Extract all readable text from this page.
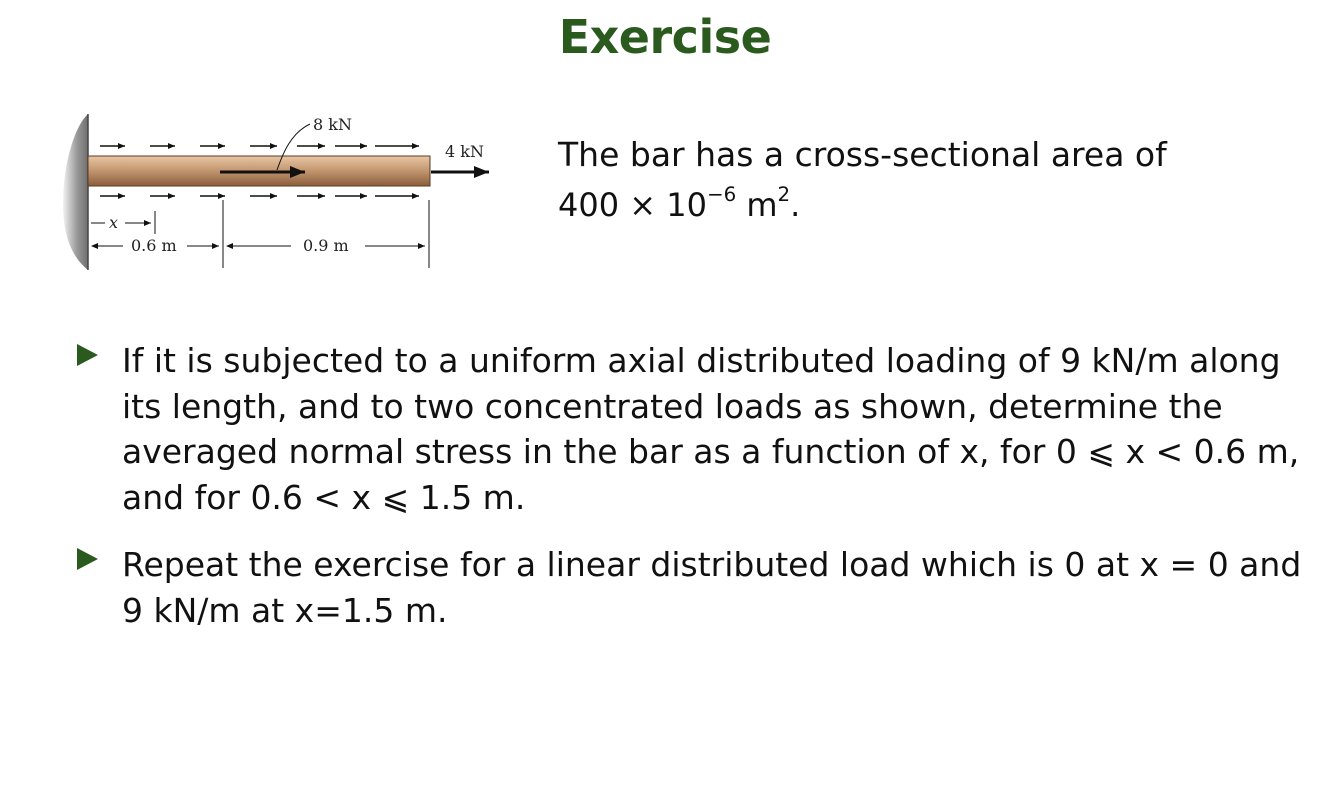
Exercise
8 kN
4 kN
x
0.6 m	0.9 m
The bar has a cross-sectional area of
$400 \times 10^{-6}$ $m^2$.
If it is subjected to a uniform axial distributed loading of 9 kN/m along
its length, and to two concentrated loads as shown, determine the
averaged normal stress in the bar as a function of x, for 0 ⩽ x < 0.6 m,
and for 0.6 < x ⩽ 1.5 m.
Repeat the exercise for a linear distributed load which is 0 at x = 0 and
9 kN/m at x=1.5 m.
